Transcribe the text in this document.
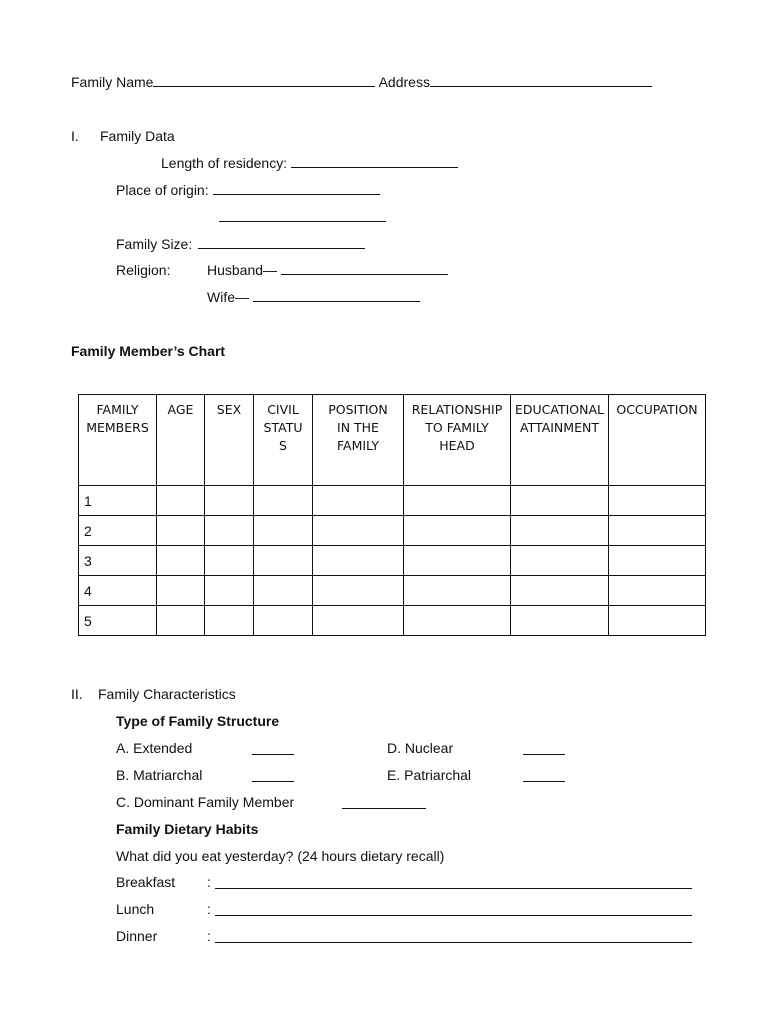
Family Name	Address
I. Family Data
Length of residency:
Place of origin:
Family Size:
Religion:	Husband—
Wife—
Family Member’s Chart
FAMILY
MEMBERS	AGE	SEX	CIVIL
STATU
S	POSITION
IN THE
FAMILY	RELATIONSHIP
TO FAMILY
HEAD	EDUCATIONAL
ATTAINMENT	OCCUPATION
1							
2							
3							
4							
5							
II. Family Characteristics
Type of Family Structure
A. Extended	D. Nuclear
B. Matriarchal	E. Patriarchal
C. Dominant Family Member
Family Dietary Habits
What did you eat yesterday? (24 hours dietary recall)
Breakfast :
Lunch	:
Dinner	:
